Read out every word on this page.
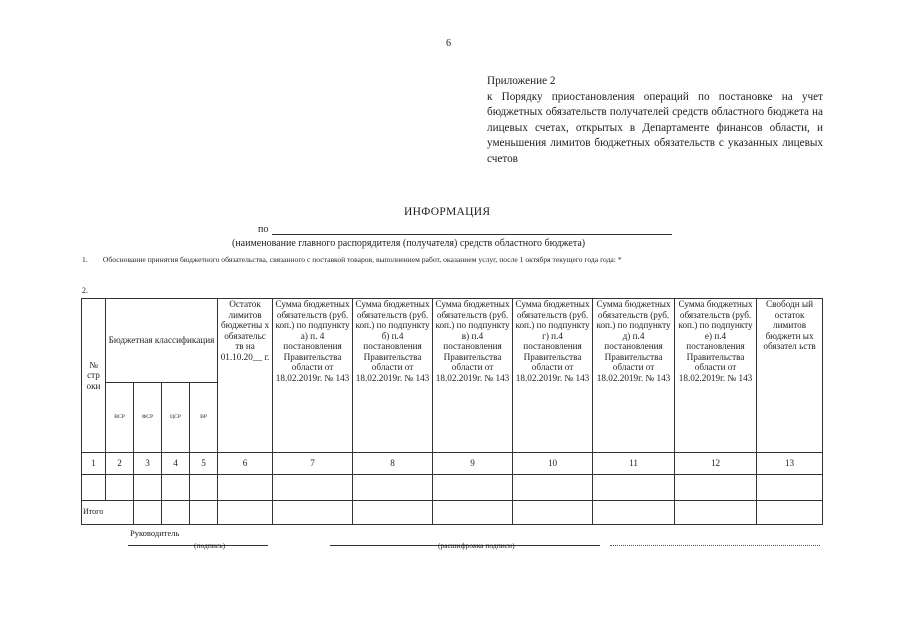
6
Приложение 2
к Порядку приостановления операций по постановке на учет бюджетных обязательств получателей средств областного бюджета на лицевых счетах, открытых в Департаменте финансов области, и уменьшения лимитов бюджетных обязательств с указанных лицевых счетов
ИНФОРМАЦИЯ
по
(наименование главного распорядителя (получателя) средств областного бюджета)
1.  Обоснование принятия бюджетного обязательства, связанного с поставкой товаров, выполнением работ, оказанием услуг, после 1 октября текущего года года: *
2.
№ стр оки	Бюджетная классификация				Остаток лимитов бюджетны х обязательс тв на 01.10.20__ г.	Сумма бюджетных обязательств (руб. коп.) по подпункту а) п. 4 постановления Правительства области от 18.02.2019г. № 143	Сумма бюджетных обязательств (руб. коп.) по подпункту б) п.4 постановления Правительства области от 18.02.2019г. № 143	Сумма бюджетных обязательств (руб. коп.) по подпункту в) п.4 постановления Правительства области от 18.02.2019г. № 143	Сумма бюджетных обязательств (руб. коп.) по подпункту г) п.4 постановления Правительства области от 18.02.2019г. № 143	Сумма бюджетных обязательств (руб. коп.) по подпункту д) п.4 постановления Правительства области от 18.02.2019г. № 143	Сумма бюджетных обязательств (руб. коп.) по подпункту е) п.4 постановления Правительства области от 18.02.2019г. № 143	Свободн ый остаток лимитов бюджетн ых обязател ьств
	ВСР	ФСР	ЦСР	ВР								
1	2	3	4	5	6	7	8	9	10	11	12	13

Итого												
Руководитель
(подпись)	(расшифровка подписи)
